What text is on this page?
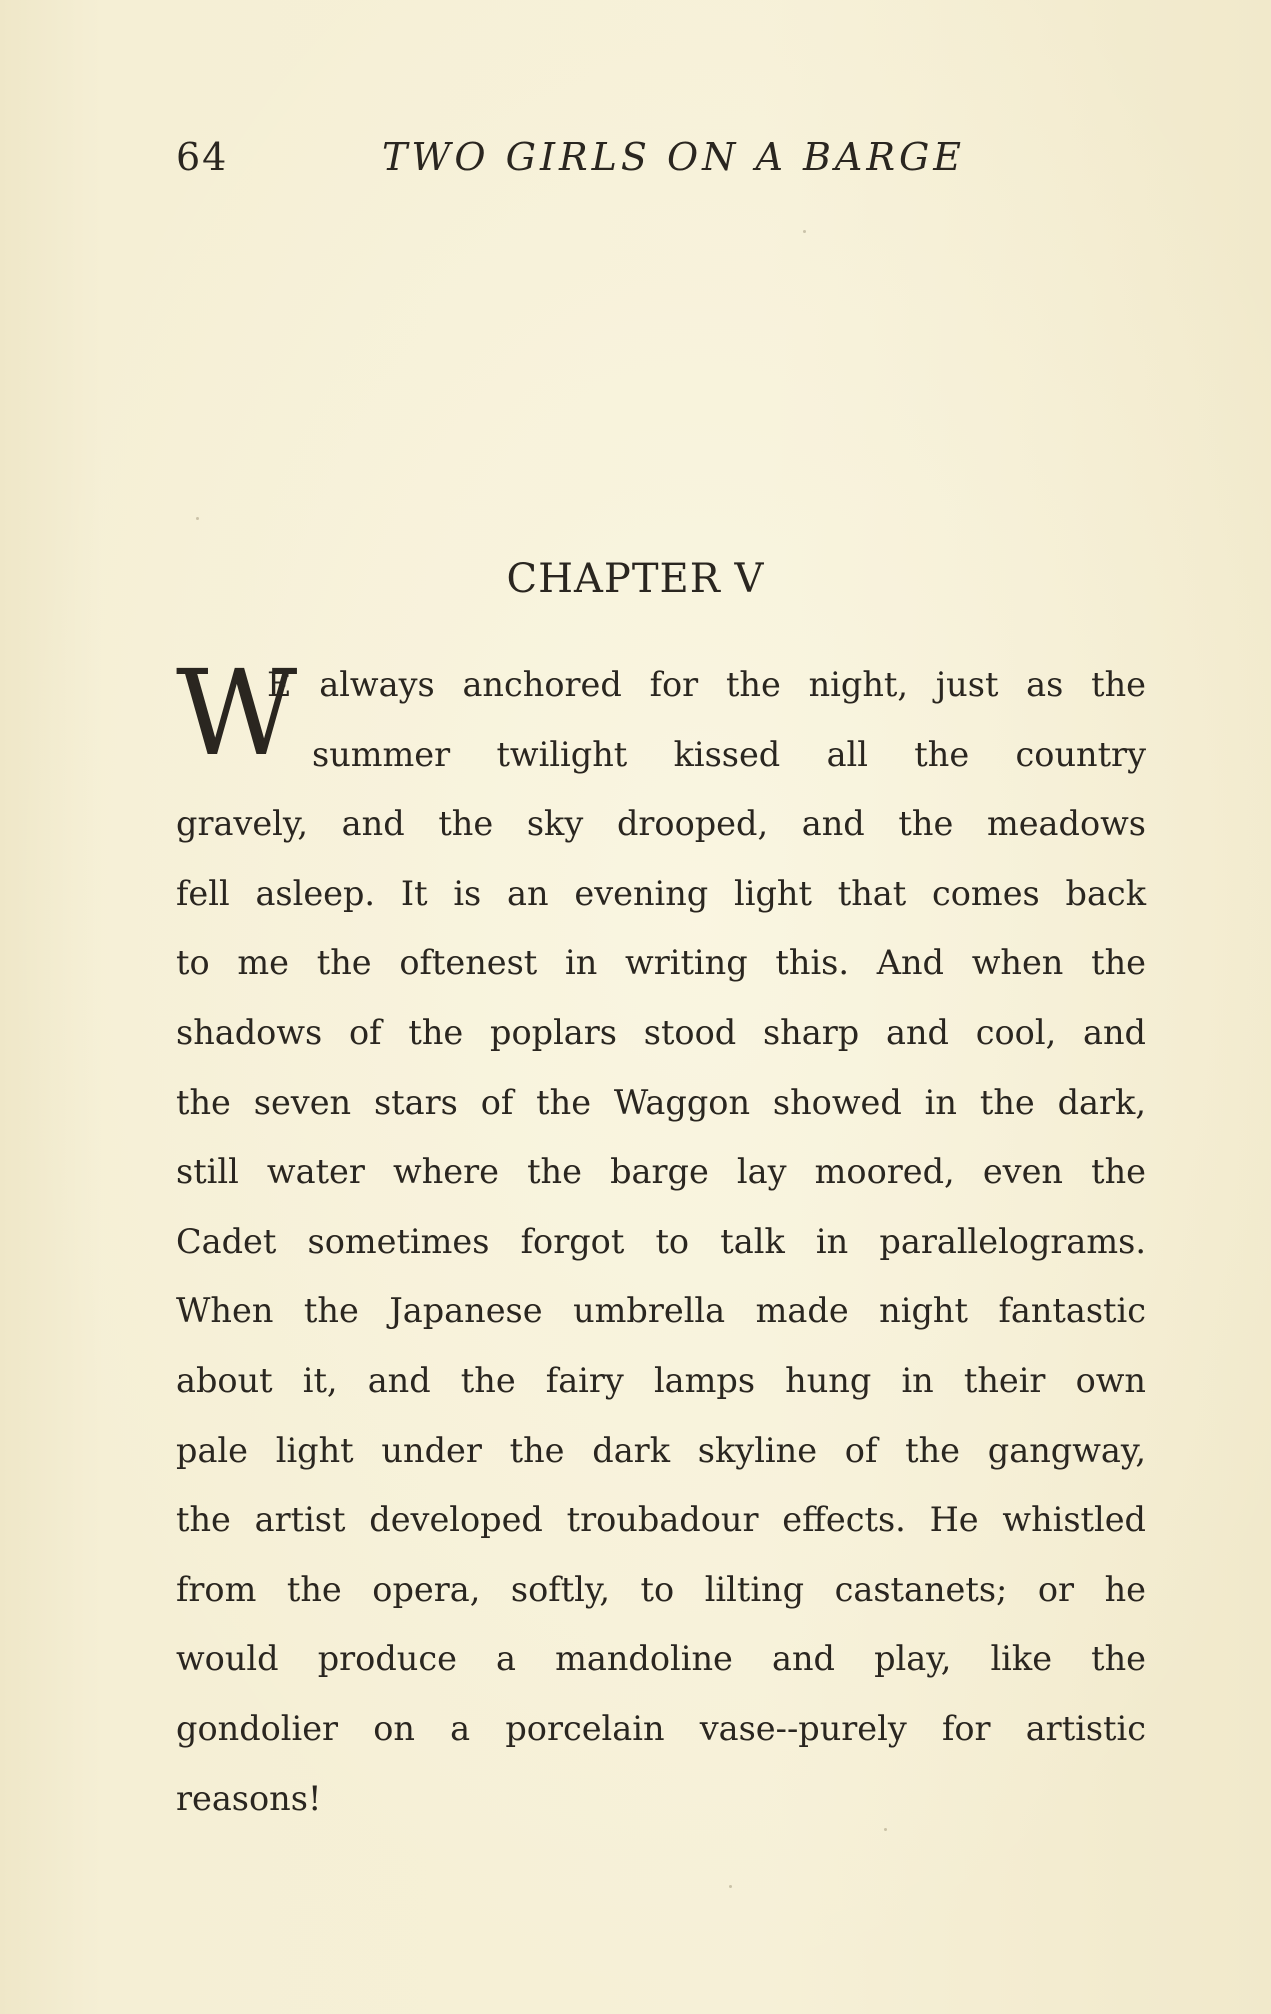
64	TWO GIRLS ON A BARGE
CHAPTER V
W
E always anchored for the night, just as the
summer twilight kissed all the country
gravely, and the sky drooped, and the meadows
fell asleep. It is an evening light that comes back
to me the oftenest in writing this. And when the
shadows of the poplars stood sharp and cool, and
the seven stars of the Waggon showed in the dark,
still water where the barge lay moored, even the
Cadet sometimes forgot to talk in parallelograms.
When the Japanese umbrella made night fantastic
about it, and the fairy lamps hung in their own
pale light under the dark skyline of the gangway,
the artist developed troubadour effects. He whistled
from the opera, softly, to lilting castanets; or he
would produce a mandoline and play, like the
gondolier on a porcelain vase--purely for artistic
reasons!
